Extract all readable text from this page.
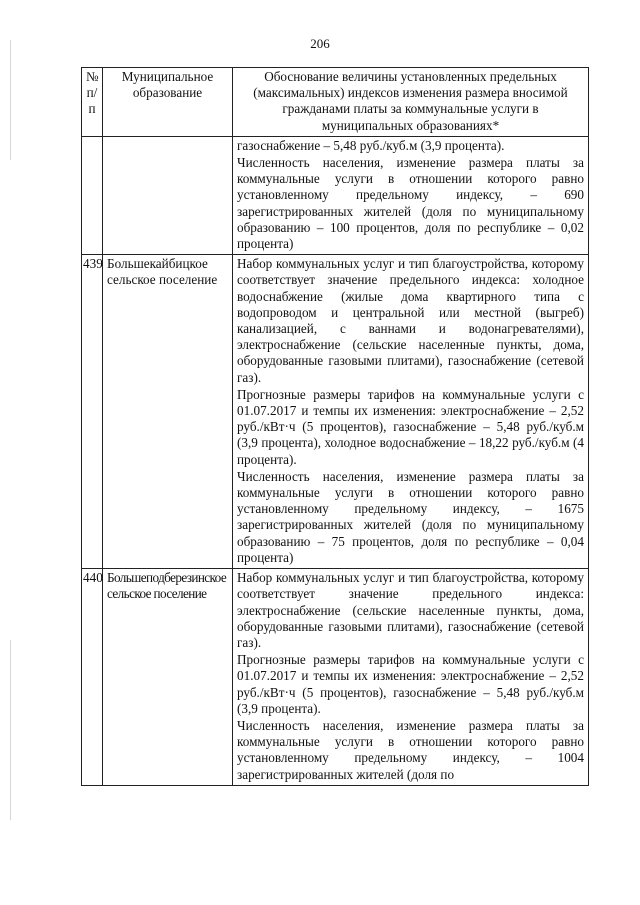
206
№ п/п	Муниципальное образование	Обоснование величины установленных предельных (максимальных) индексов изменения размера вносимой гражданами платы за коммунальные услуги в муниципальных образованиях*

		газоснабжение – 5,48 руб./куб.м (3,9 процента).

Численность населения, изменение размера платы за коммунальные услуги в отношении которого равно установленному предельному индексу, – 690 зарегистрированных жителей (доля по муниципальному образованию – 100 процентов, доля по республике – 0,02 процента)

439	Большекайбицкое сельское поселение	Набор коммунальных услуг и тип благоустройства, которому соответствует значение предельного индекса: холодное водоснабжение (жилые дома квартирного типа с водопроводом и центральной или местной (выгреб) канализацией, с ваннами и водонагревателями), электроснабжение (сельские населенные пункты, дома, оборудованные газовыми плитами), газоснабжение (сетевой газ).

Прогнозные размеры тарифов на коммунальные услуги с 01.07.2017 и темпы их изменения: электроснабжение – 2,52 руб./кВт·ч (5 процентов), газоснабжение – 5,48 руб./куб.м (3,9 процента), холодное водоснабжение – 18,22 руб./куб.м (4 процента).

Численность населения, изменение размера платы за коммунальные услуги в отношении которого равно установленному предельному индексу, – 1675 зарегистрированных жителей (доля по муниципальному образованию – 75 процентов, доля по республике – 0,04 процента)

440	Большеподберезинское сельское поселение	Набор коммунальных услуг и тип благоустройства, которому соответствует значение предельного индекса: электроснабжение (сельские населенные пункты, дома, оборудованные газовыми плитами), газоснабжение (сетевой газ).

Прогнозные размеры тарифов на коммунальные услуги с 01.07.2017 и темпы их изменения: электроснабжение – 2,52 руб./кВт·ч (5 процентов), газоснабжение – 5,48 руб./куб.м (3,9 процента).

Численность населения, изменение размера платы за коммунальные услуги в отношении которого равно установленному предельному индексу, – 1004 зарегистрированных жителей (доля по
